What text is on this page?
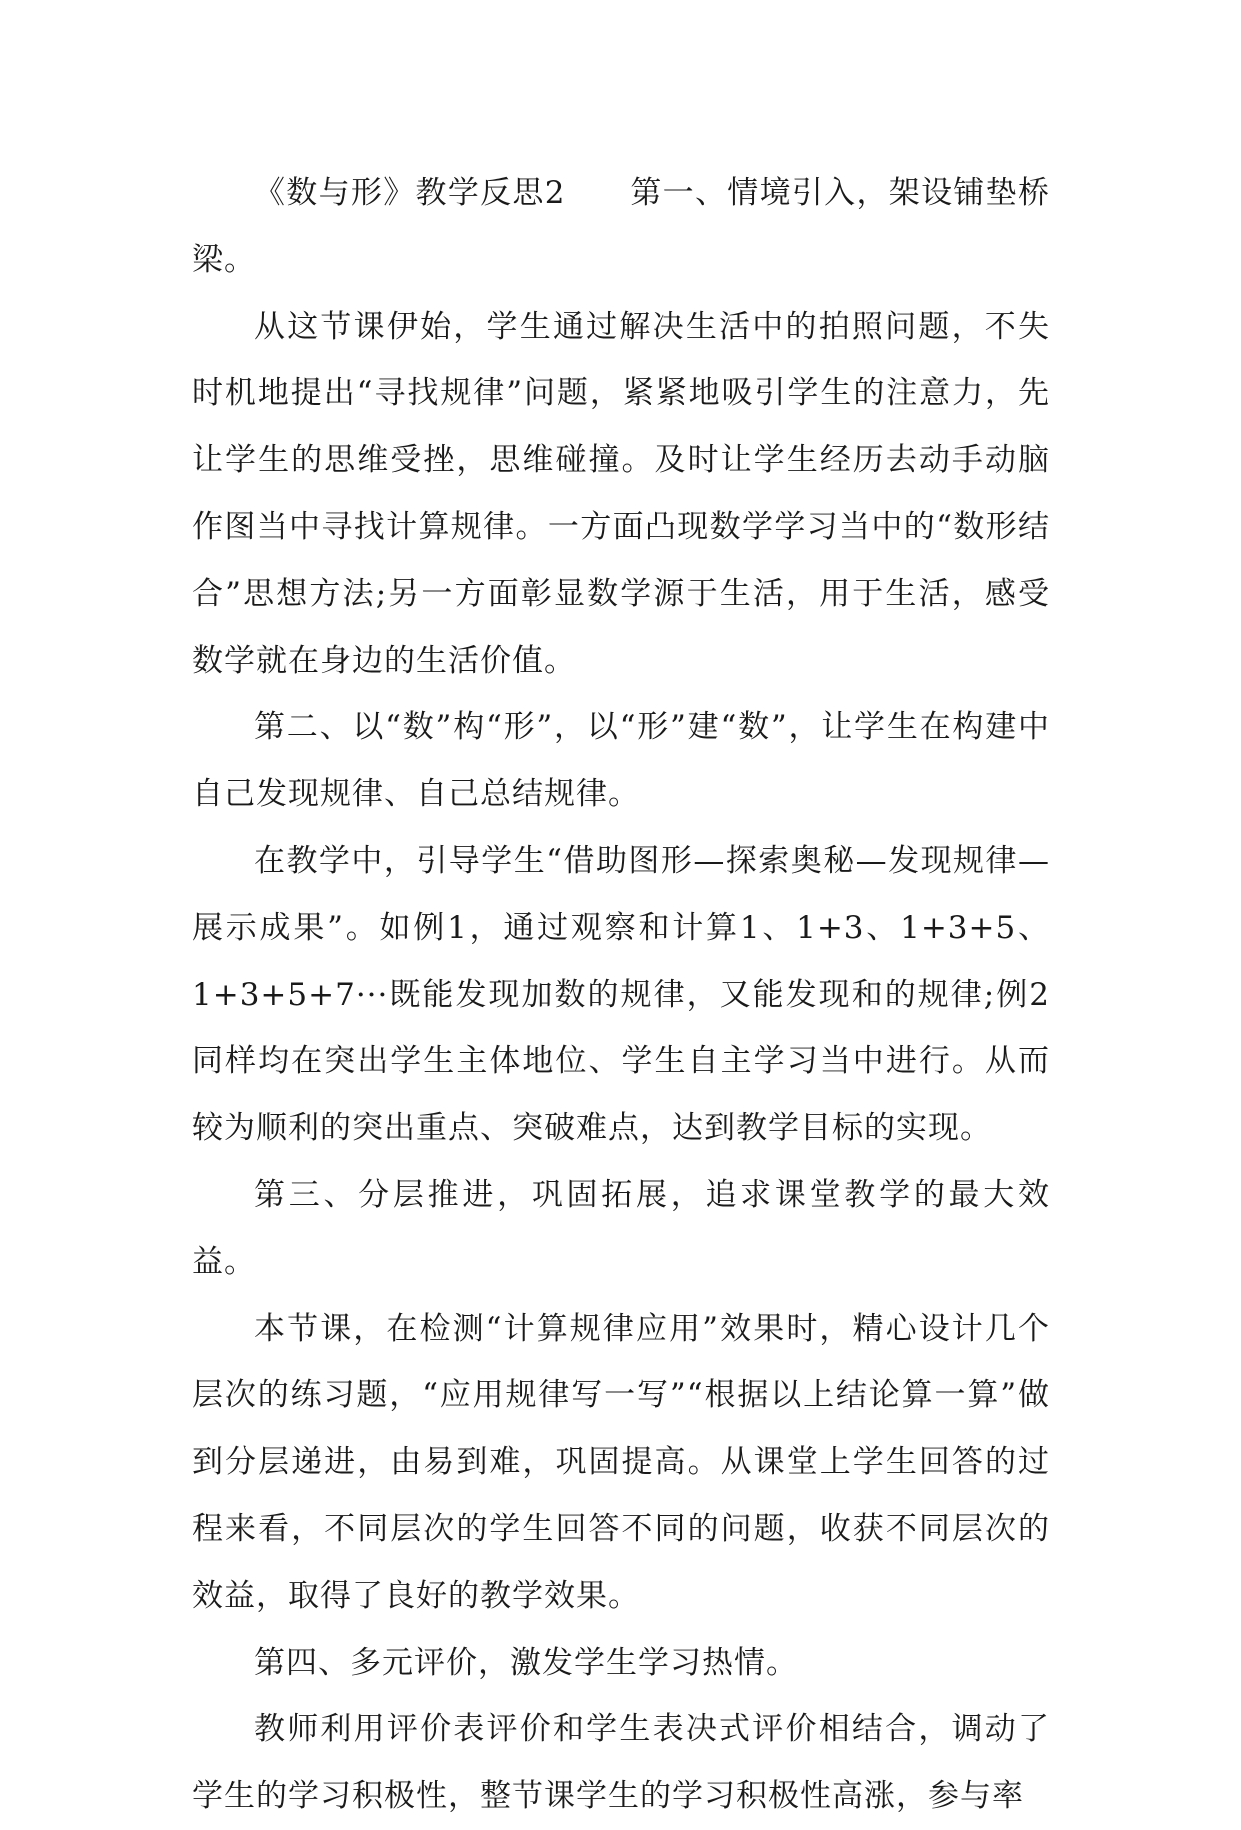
《数与形》教学反思2　　第一、情境引入，架设铺垫桥梁。

从这节课伊始，学生通过解决生活中的拍照问题，不失时机地提出“寻找规律”问题，紧紧地吸引学生的注意力，先让学生的思维受挫，思维碰撞。及时让学生经历去动手动脑作图当中寻找计算规律。一方面凸现数学学习当中的“数形结合”思想方法;另一方面彰显数学源于生活，用于生活，感受数学就在身边的生活价值。

第二、以“数”构“形”，以“形”建“数”，让学生在构建中自己发现规律、自己总结规律。

在教学中，引导学生“借助图形—探索奥秘—发现规律—展示成果”。如例1，通过观察和计算1、1+3、1+3+5、1+3+5+7···既能发现加数的规律，又能发现和的规律;例2同样均在突出学生主体地位、学生自主学习当中进行。从而较为顺利的突出重点、突破难点，达到教学目标的实现。

第三、分层推进，巩固拓展，追求课堂教学的最大效益。

本节课，在检测“计算规律应用”效果时，精心设计几个层次的练习题，“应用规律写一写”“根据以上结论算一算”做到分层递进，由易到难，巩固提高。从课堂上学生回答的过程来看，不同层次的学生回答不同的问题，收获不同层次的效益，取得了良好的教学效果。

第四、多元评价，激发学生学习热情。

教师利用评价表评价和学生表决式评价相结合，调动了学生的学习积极性，整节课学生的学习积极性高涨，参与率
